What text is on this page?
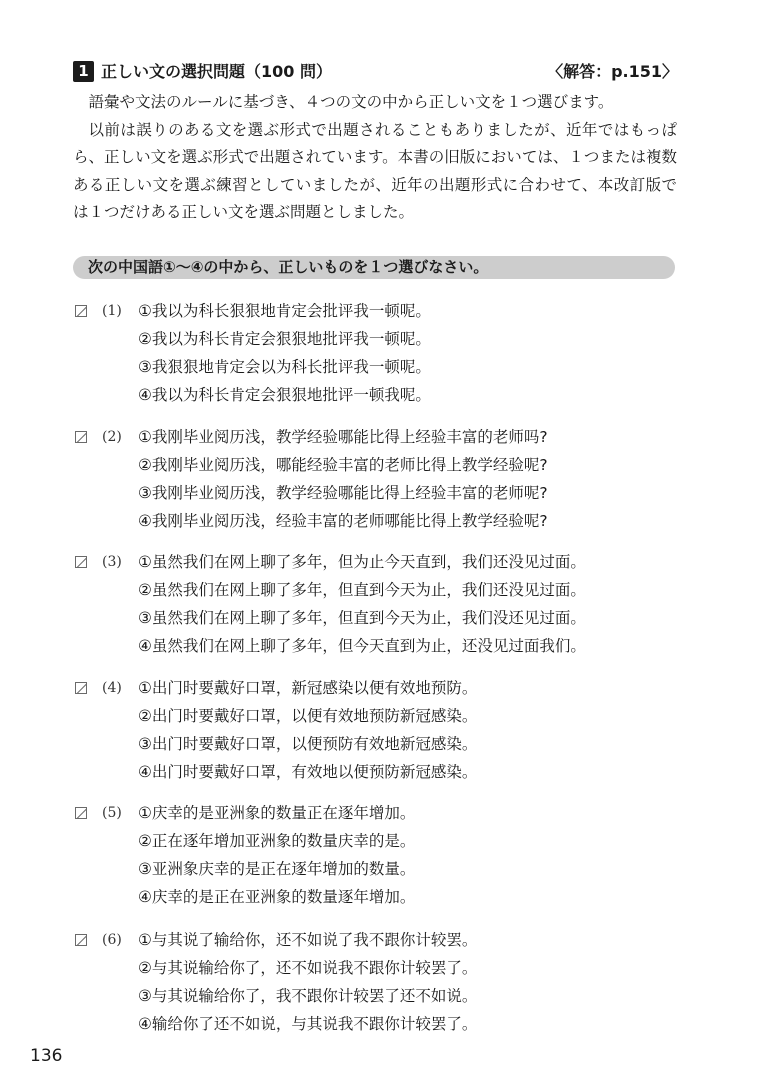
1 正しい文の選択問題（100 問）	〈解答：p.151〉

語彙や文法のルールに基づき、４つの文の中から正しい文を１つ選びます。

以前は誤りのある文を選ぶ形式で出題されることもありましたが、近年ではもっぱら、正しい文を選ぶ形式で出題されています。本書の旧版においては、１つまたは複数ある正しい文を選ぶ練習としていましたが、近年の出題形式に合わせて、本改訂版では１つだけある正しい文を選ぶ問題としました。

次の中国語①～④の中から、正しいものを１つ選びなさい。
(1) ①我以为科长狠狠地肯定会批评我一顿呢。
②我以为科长肯定会狠狠地批评我一顿呢。
③我狠狠地肯定会以为科长批评我一顿呢。
④我以为科长肯定会狠狠地批评一顿我呢。
(2) ①我刚毕业阅历浅，教学经验哪能比得上经验丰富的老师吗?
②我刚毕业阅历浅，哪能经验丰富的老师比得上教学经验呢?
③我刚毕业阅历浅，教学经验哪能比得上经验丰富的老师呢?
④我刚毕业阅历浅，经验丰富的老师哪能比得上教学经验呢?
(3) ①虽然我们在网上聊了多年，但为止今天直到，我们还没见过面。
②虽然我们在网上聊了多年，但直到今天为止，我们还没见过面。
③虽然我们在网上聊了多年，但直到今天为止，我们没还见过面。
④虽然我们在网上聊了多年，但今天直到为止，还没见过面我们。
(4) ①出门时要戴好口罩，新冠感染以便有效地预防。
②出门时要戴好口罩，以便有效地预防新冠感染。
③出门时要戴好口罩，以便预防有效地新冠感染。
④出门时要戴好口罩，有效地以便预防新冠感染。
(5) ①庆幸的是亚洲象的数量正在逐年增加。
②正在逐年增加亚洲象的数量庆幸的是。
③亚洲象庆幸的是正在逐年增加的数量。
④庆幸的是正在亚洲象的数量逐年增加。
(6) ①与其说了输给你，还不如说了我不跟你计较罢。
②与其说输给你了，还不如说我不跟你计较罢了。
③与其说输给你了，我不跟你计较罢了还不如说。
④输给你了还不如说，与其说我不跟你计较罢了。
136
